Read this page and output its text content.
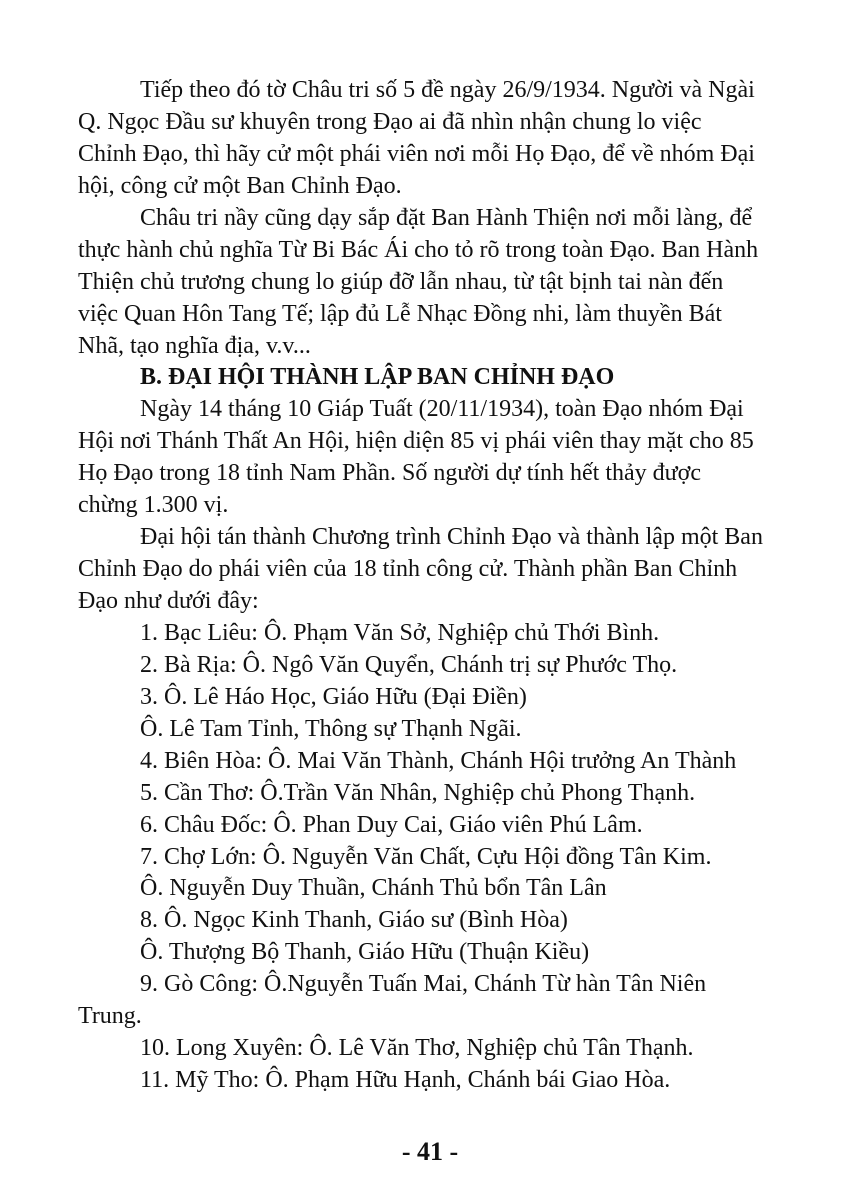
Tiếp theo đó tờ Châu tri số 5 đề ngày 26/9/1934. Người và Ngài
Q. Ngọc Đầu sư khuyên trong Đạo ai đã nhìn nhận chung lo việc
Chỉnh Đạo, thì hãy cử một phái viên nơi mỗi Họ Đạo, để về nhóm Đại
hội, công cử một Ban Chỉnh Đạo.
Châu tri nầy cũng dạy sắp đặt Ban Hành Thiện nơi mỗi làng, để
thực hành chủ nghĩa Từ Bi Bác Ái cho tỏ rõ trong toàn Đạo. Ban Hành
Thiện chủ trương chung lo giúp đỡ lẫn nhau, từ tật bịnh tai nàn đến
việc Quan Hôn Tang Tế; lập đủ Lễ Nhạc Đồng nhi, làm thuyền Bát
Nhã, tạo nghĩa địa, v.v...
B. ĐẠI HỘI THÀNH LẬP BAN CHỈNH ĐẠO
Ngày 14 tháng 10 Giáp Tuất (20/11/1934), toàn Đạo nhóm Đại
Hội nơi Thánh Thất An Hội, hiện diện 85 vị phái viên thay mặt cho 85
Họ Đạo trong 18 tỉnh Nam Phần. Số người dự tính hết thảy được
chừng 1.300 vị.
Đại hội tán thành Chương trình Chỉnh Đạo và thành lập một Ban
Chỉnh Đạo do phái viên của 18 tỉnh công cử. Thành phần Ban Chỉnh
Đạo như dưới đây:
1. Bạc Liêu: Ô. Phạm Văn Sở, Nghiệp chủ Thới Bình.
2. Bà Rịa: Ô. Ngô Văn Quyển, Chánh trị sự Phước Thọ.
3. Ô. Lê Háo Học, Giáo Hữu (Đại Điền)
Ô. Lê Tam Tỉnh, Thông sự Thạnh Ngãi.
4. Biên Hòa: Ô. Mai Văn Thành, Chánh Hội trưởng An Thành
5. Cần Thơ: Ô.Trần Văn Nhân, Nghiệp chủ Phong Thạnh.
6. Châu Đốc: Ô. Phan Duy Cai, Giáo viên Phú Lâm.
7. Chợ Lớn: Ô. Nguyễn Văn Chất, Cựu Hội đồng Tân Kim.
Ô. Nguyễn Duy Thuần, Chánh Thủ bổn Tân Lân
8. Ô. Ngọc Kinh Thanh, Giáo sư (Bình Hòa)
Ô. Thượng Bộ Thanh, Giáo Hữu (Thuận Kiều)
9. Gò Công: Ô.Nguyễn Tuấn Mai, Chánh Từ hàn Tân Niên
Trung.
10. Long Xuyên: Ô. Lê Văn Thơ, Nghiệp chủ Tân Thạnh.
11. Mỹ Tho: Ô. Phạm Hữu Hạnh, Chánh bái Giao Hòa.
- 41 -
